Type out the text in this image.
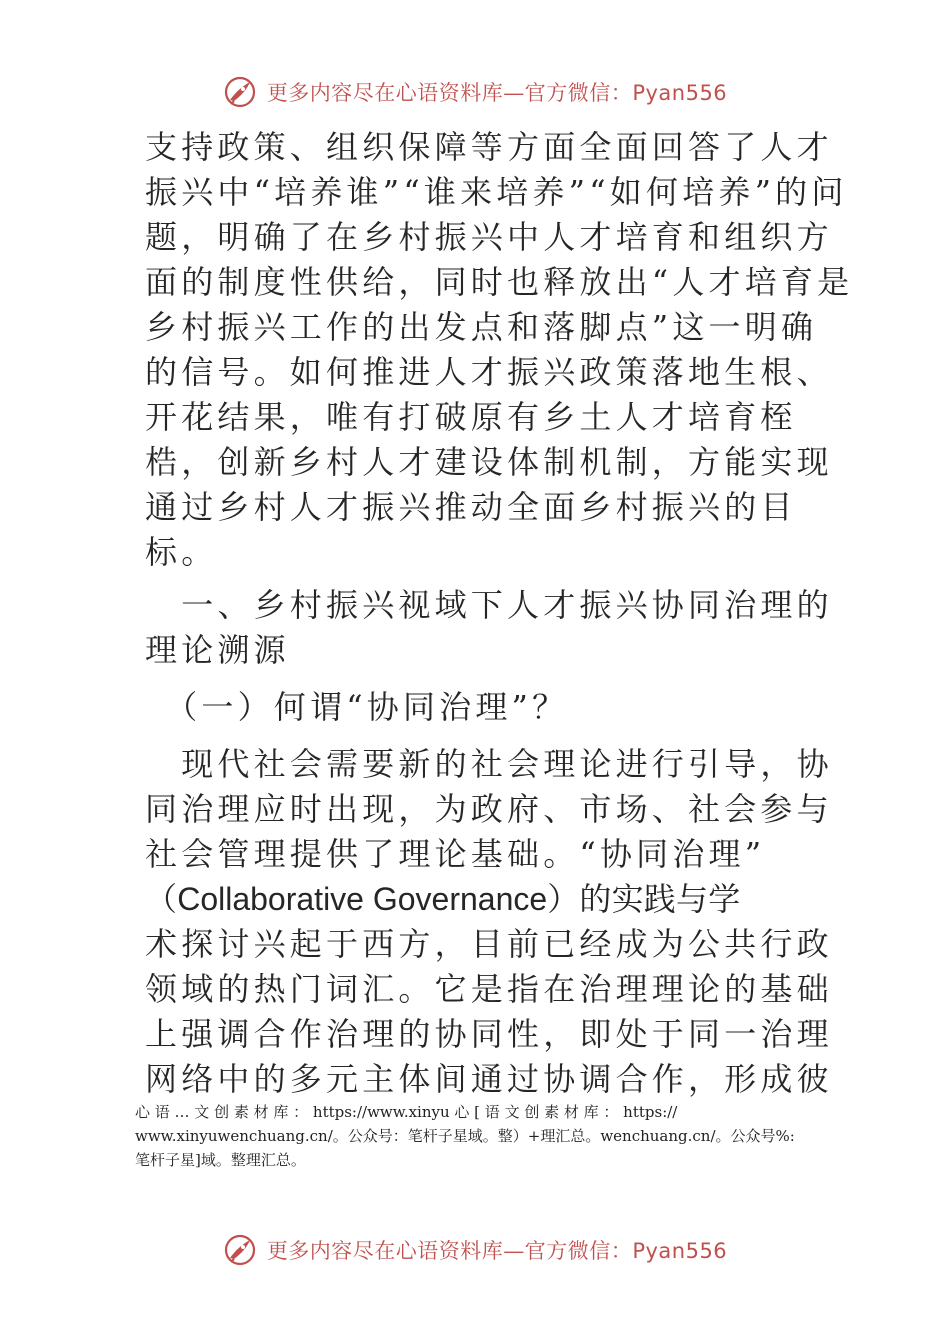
更多内容尽在心语资料库—官方微信：Pyan556
支持政策、组织保障等方面全面回答了人才
振兴中“培养谁”“谁来培养”“如何培养”的问
题，明确了在乡村振兴中人才培育和组织方
面的制度性供给，同时也释放出“人才培育是
乡村振兴工作的出发点和落脚点”这一明确
的信号。如何推进人才振兴政策落地生根、
开花结果，唯有打破原有乡土人才培育桎
梏，创新乡村人才建设体制机制，方能实现
通过乡村人才振兴推动全面乡村振兴的目
标。
　一、乡村振兴视域下人才振兴协同治理的
理论溯源
　（一）何谓“协同治理”？
　现代社会需要新的社会理论进行引导，协
同治理应时出现，为政府、市场、社会参与
社会管理提供了理论基础。“协同治理”
（Collaborative Governance）的实践与学
术探讨兴起于西方，目前已经成为公共行政
领域的热门词汇。它是指在治理理论的基础
上强调合作治理的协同性，即处于同一治理
网络中的多元主体间通过协调合作，形成彼
心 语 … 文 创 素 材 库 ： https://www.xinyu 心 [ 语 文 创 素 材 库 ： https://
www.xinyuwenchuang.cn/。公众号：笔杆子星域。整）+理汇总。wenchuang.cn/。公众号%:
笔杆子星]域。整理汇总。
更多内容尽在心语资料库—官方微信：Pyan556
